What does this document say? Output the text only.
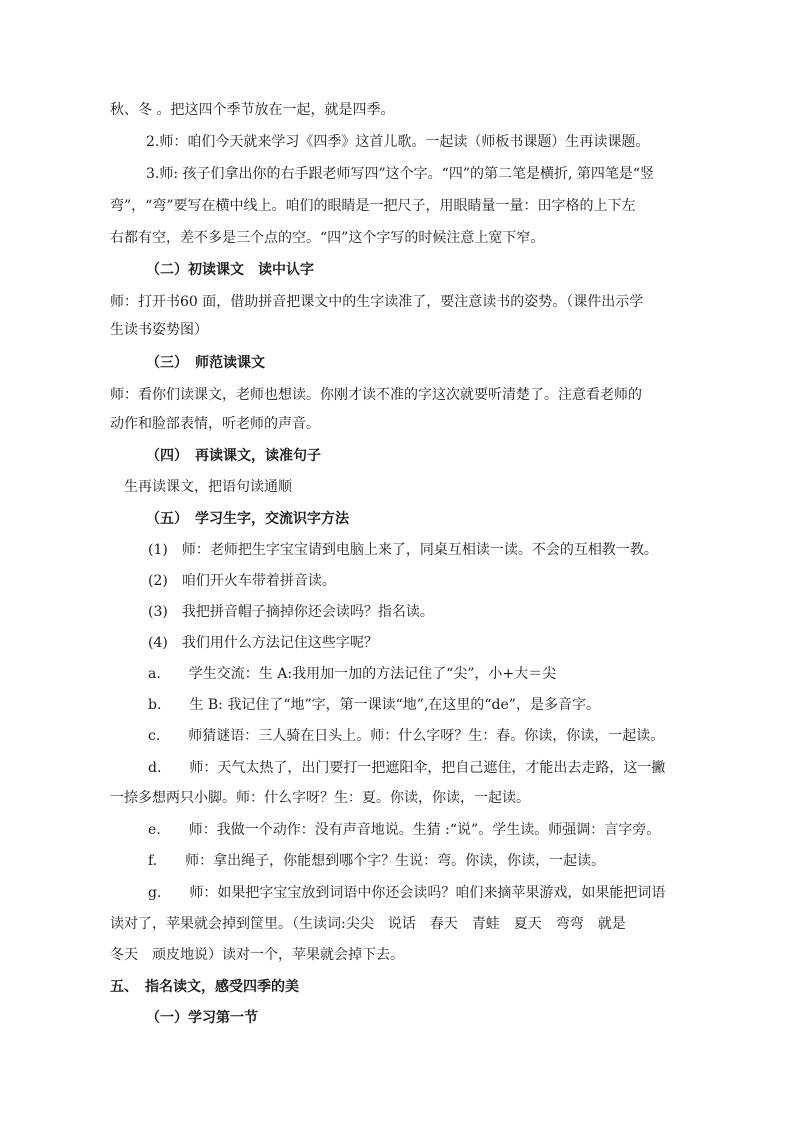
秋、冬 。把这四个季节放在一起，就是四季。
2.师：咱们今天就来学习《四季》这首儿歌。一起读（师板书课题）生再读课题。
3.师: 孩子们拿出你的右手跟老师写四”这个字。“四”的第二笔是横折, 第四笔是“竖
弯”，“弯”要写在横中线上。咱们的眼睛是一把尺子，用眼睛量一量：田字格的上下左
右都有空，差不多是三个点的空。“四”这个字写的时候注意上宽下窄。
（二）初读课文　读中认字
师：打开书60 面，借助拼音把课文中的生字读准了，要注意读书的姿势。（课件出示学
生读书姿势图）
（三）　师范读课文
师：看你们读课文，老师也想读。你刚才读不准的字这次就要听清楚了。注意看老师的
动作和脸部表情，听老师的声音。
（四）　再读课文，读准句子
生再读课文，把语句读通顺
（五）　学习生字，交流识字方法
(1)　师：老师把生字宝宝请到电脑上来了，同桌互相读一读。不会的互相教一教。
(2)　咱们开火车带着拼音读。
(3)　我把拼音帽子摘掉你还会读吗？指名读。
(4)　我们用什么方法记住这些字呢？
a.　　学生交流：生 A:我用加一加的方法记住了“尖”，小+大＝尖
b.　　生 B: 我记住了“地”字，第一课读“地”,在这里的“de”，是多音字。
c.　　师猜谜语：三人骑在日头上。师：什么字呀？生：春。你读，你读，一起读。
d.　　师：天气太热了，出门要打一把遮阳伞，把自己遮住，才能出去走路，这一撇
一捺多想两只小脚。师：什么字呀？生：夏。你读，你读，一起读。
e.　　师：我做一个动作：没有声音地说。生猜 :“说”。学生读。师强调：言字旁。
f.　　师：拿出绳子，你能想到哪个字？生说：弯。你读，你读，一起读。
g.　　师：如果把字宝宝放到词语中你还会读吗？咱们来摘苹果游戏，如果能把词语
读对了，苹果就会掉到筐里。（生读词:尖尖　说话　春天　青蛙　夏天　弯弯　就是
冬天　顽皮地说）读对一个，苹果就会掉下去。
五、　指名读文，感受四季的美
（一）学习第一节
